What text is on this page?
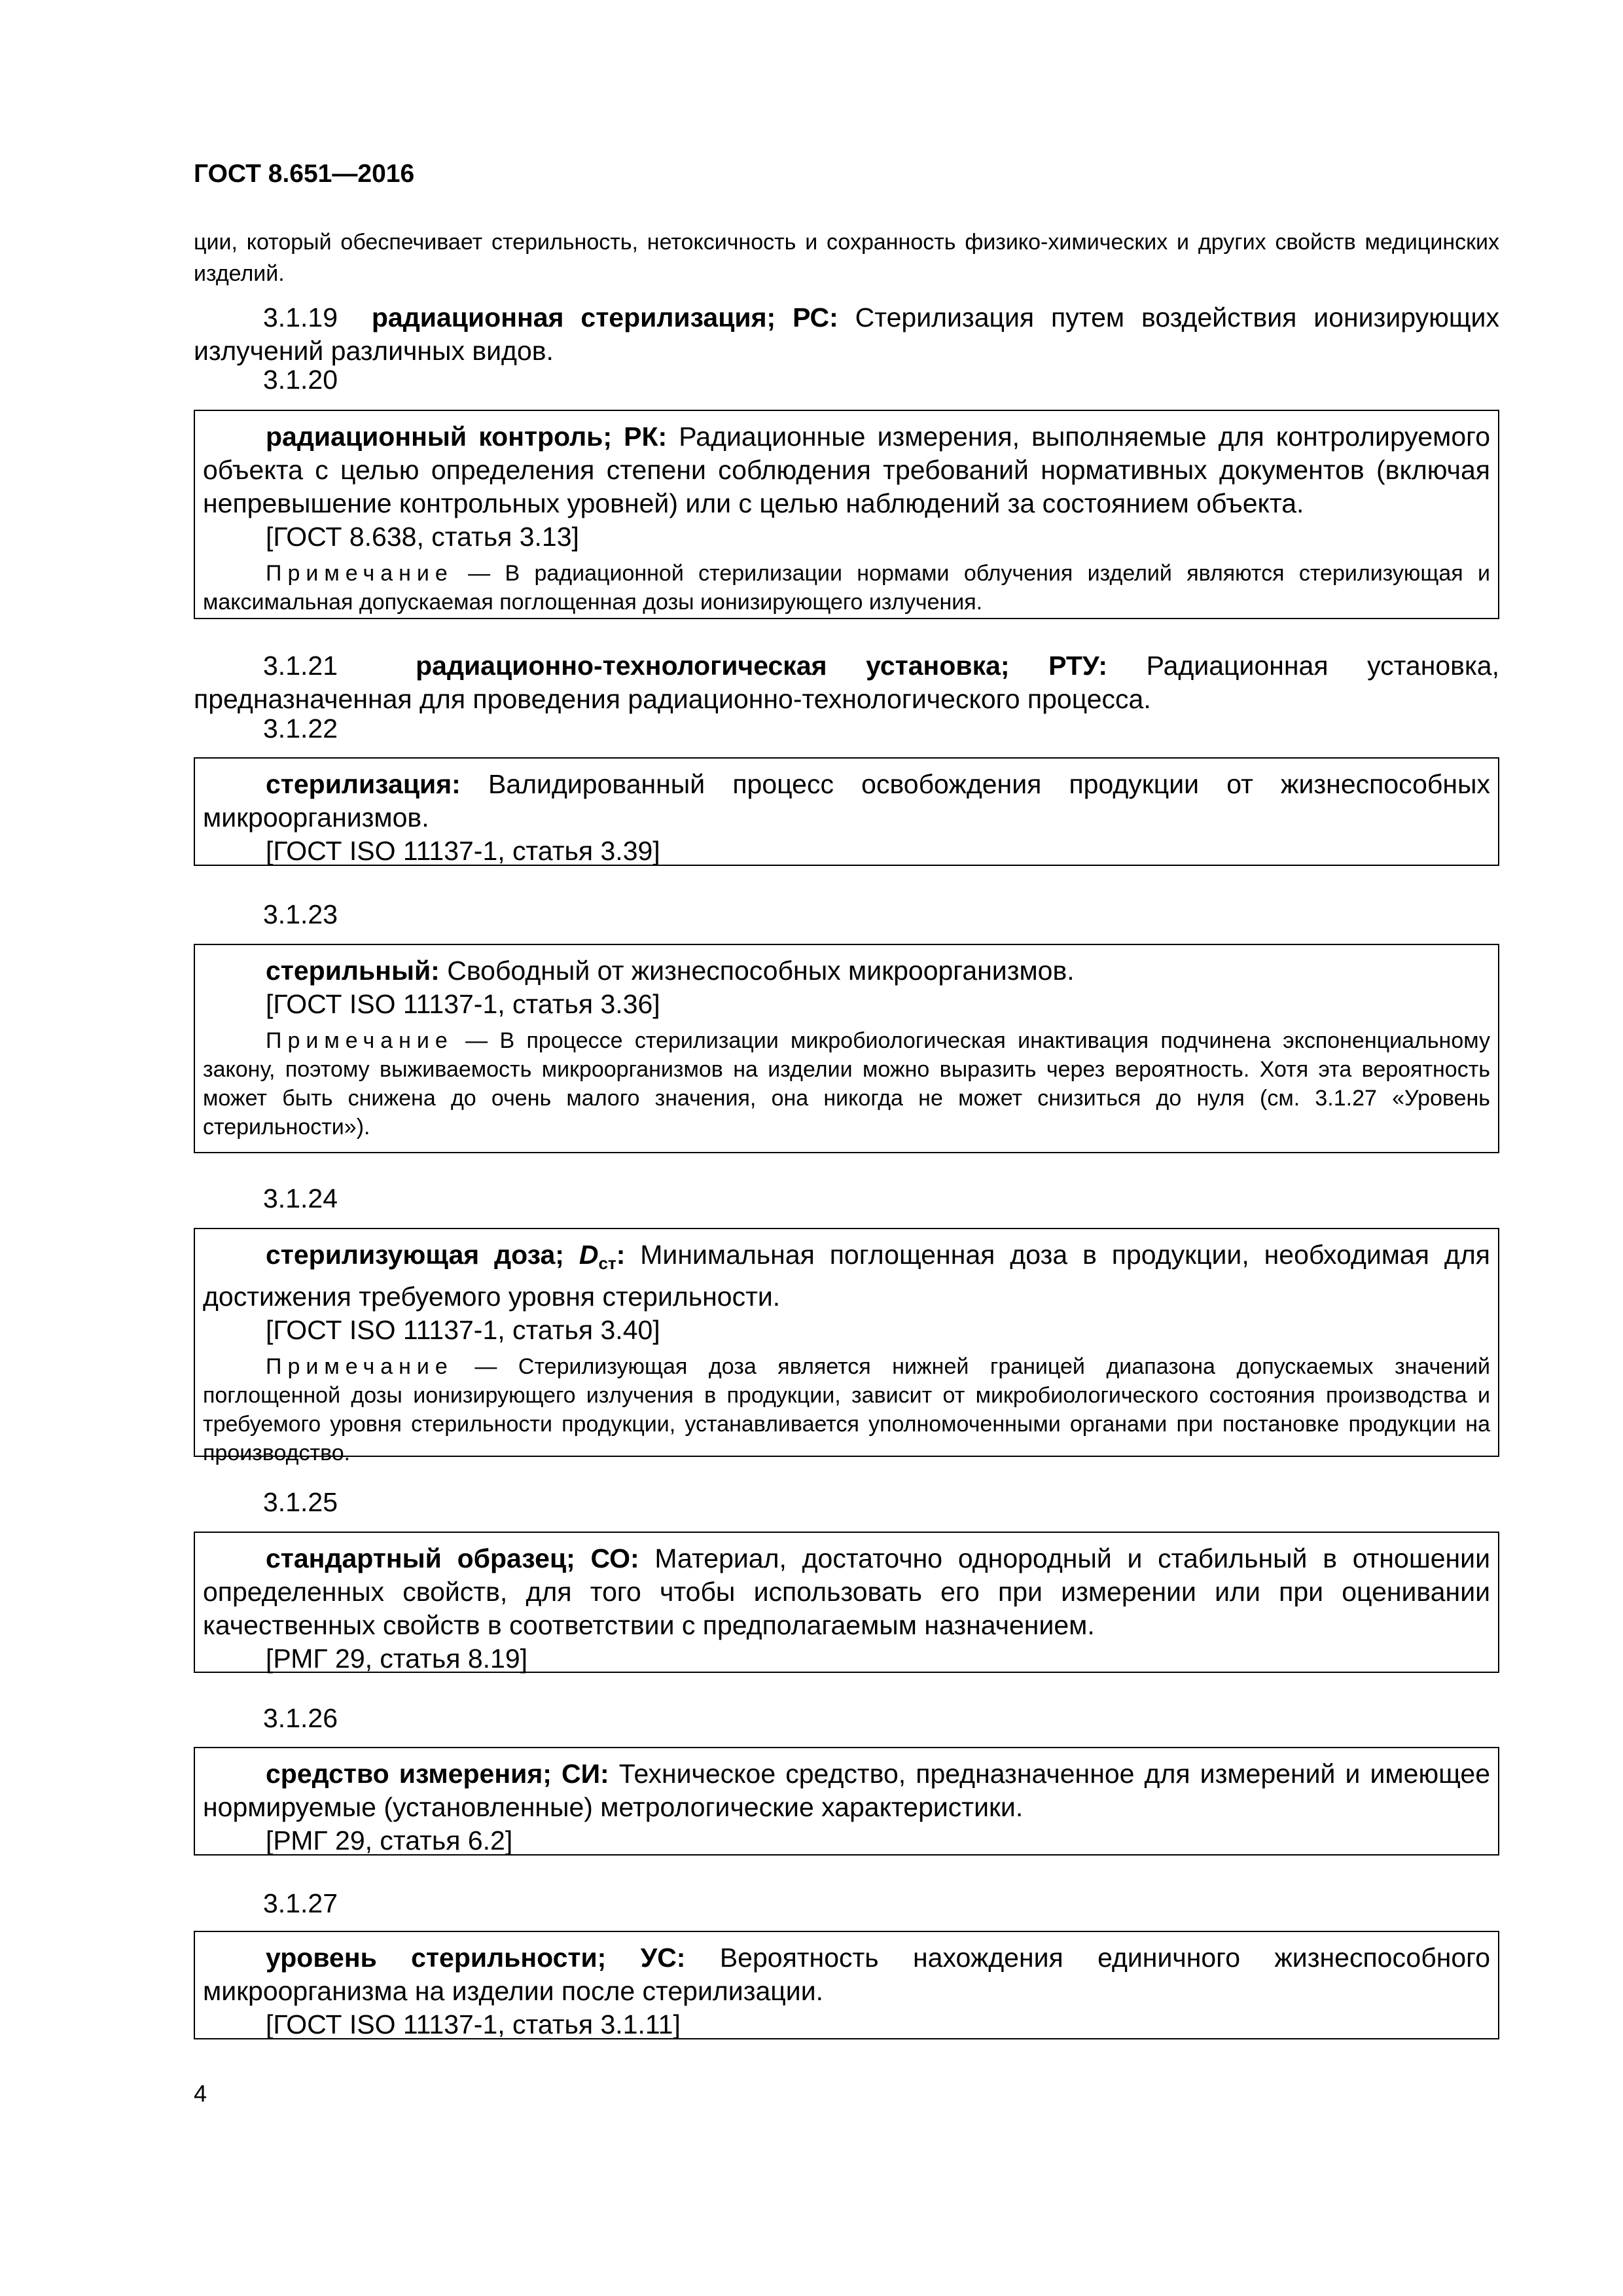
ГОСТ 8.651—2016

ции, который обеспечивает стерильность, нетоксичность и сохранность физико-химических и других свойств медицинских изделий.

3.1.19 радиационная стерилизация; РС: Стерилизация путем воздействия ионизирующих излучений различных видов.

3.1.20

радиационный контроль; РК: Радиационные измерения, выполняемые для контролируемого объекта с целью определения степени соблюдения требований нормативных документов (включая непревышение контрольных уровней) или с целью наблюдений за состоянием объекта.

[ГОСТ 8.638, статья 3.13]

Примечание — В радиационной стерилизации нормами облучения изделий являются стерилизующая и максимальная допускаемая поглощенная дозы ионизирующего излучения.

3.1.21	радиационно-технологическая установка; РТУ: Радиационная установка, предназначенная для проведения радиационно-технологического процесса.

3.1.22

стерилизация: Валидированный процесс освобождения продукции от жизнеспособных микроорганизмов.

[ГОСТ ISO 11137-1, статья 3.39]

3.1.23

стерильный: Свободный от жизнеспособных микроорганизмов.

[ГОСТ ISO 11137-1, статья 3.36]

Примечание — В процессе стерилизации микробиологическая инактивация подчинена экспоненциальному закону, поэтому выживаемость микроорганизмов на изделии можно выразить через вероятность. Хотя эта вероятность может быть снижена до очень малого значения, она никогда не может снизиться до нуля (см. 3.1.27 «Уровень стерильности»).

3.1.24

стерилизующая доза; $D_{ст}$: Минимальная поглощенная доза в продукции, необходимая для достижения требуемого уровня стерильности.

[ГОСТ ISO 11137-1, статья 3.40]

Примечание — Стерилизующая доза является нижней границей диапазона допускаемых значений поглощенной дозы ионизирующего излучения в продукции, зависит от микробиологического состояния производства и требуемого уровня стерильности продукции, устанавливается уполномоченными органами при постановке продукции на производство.

3.1.25

стандартный образец; СО: Материал, достаточно однородный и стабильный в отношении определенных свойств, для того чтобы использовать его при измерении или при оценивании качественных свойств в соответствии с предполагаемым назначением.

[РМГ 29, статья 8.19]

3.1.26

средство измерения; СИ: Техническое средство, предназначенное для измерений и имеющее нормируемые (установленные) метрологические характеристики.

[РМГ 29, статья 6.2]

3.1.27

уровень стерильности; УС: Вероятность нахождения единичного жизнеспособного микроорганизма на изделии после стерилизации.

[ГОСТ ISO 11137-1, статья 3.1.11]

4
